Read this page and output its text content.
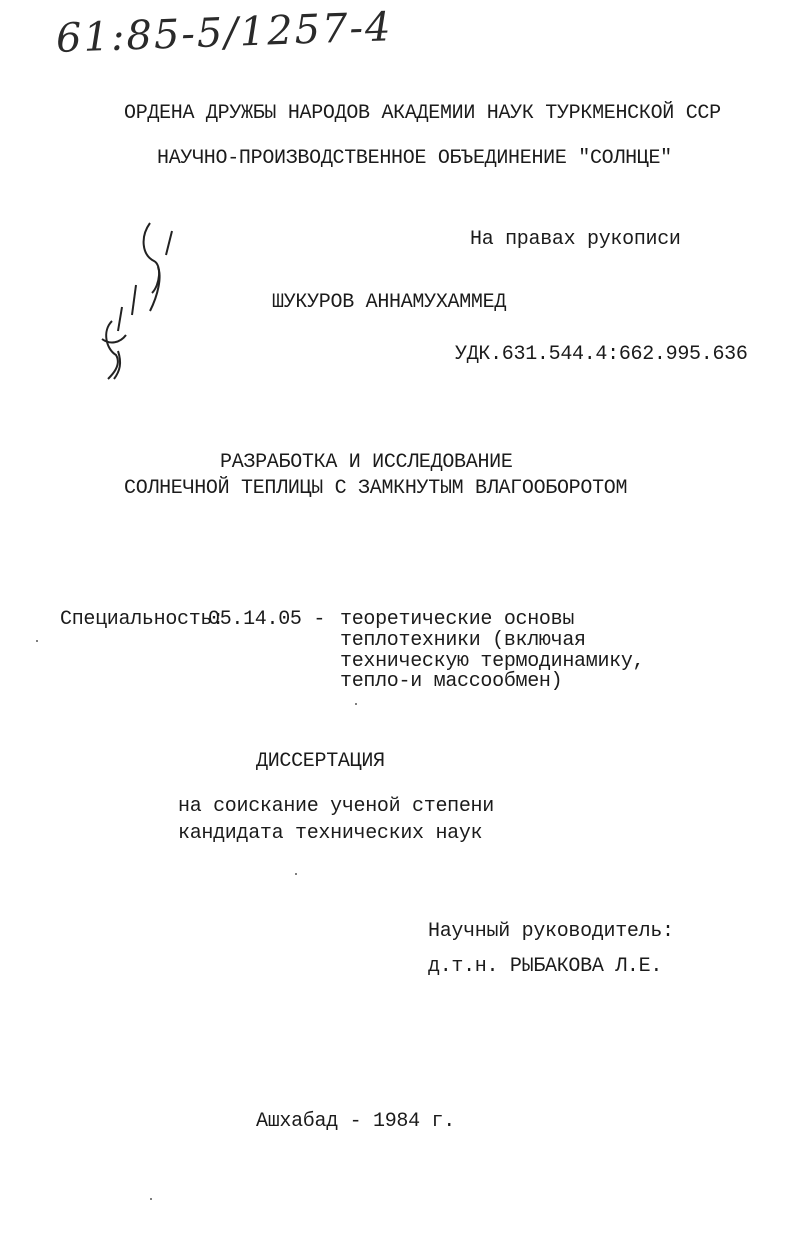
61:85-5/1257-4
ОРДЕНА ДРУЖБЫ НАРОДОВ АКАДЕМИИ НАУК ТУРКМЕНСКОЙ ССР
НАУЧНО-ПРОИЗВОДСТВЕННОЕ ОБЪЕДИНЕНИЕ "СОЛНЦЕ"
На правах рукописи
ШУКУРОВ АННАМУХАММЕД
УДК.631.544.4:662.995.636
РАЗРАБОТКА И ИССЛЕДОВАНИЕ
СОЛНЕЧНОЙ ТЕПЛИЦЫ С ЗАМКНУТЫМ ВЛАГООБОРОТОМ
Специальность:
05.14.05 - теоретические основы
теплотехники (включая
техническую термодинамику,
тепло-и массообмен)
ДИССЕРТАЦИЯ
на соискание ученой степени
кандидата технических наук
Научный руководитель:
д.т.н. РЫБАКОВА Л.Е.
Ашхабад - 1984 г.
